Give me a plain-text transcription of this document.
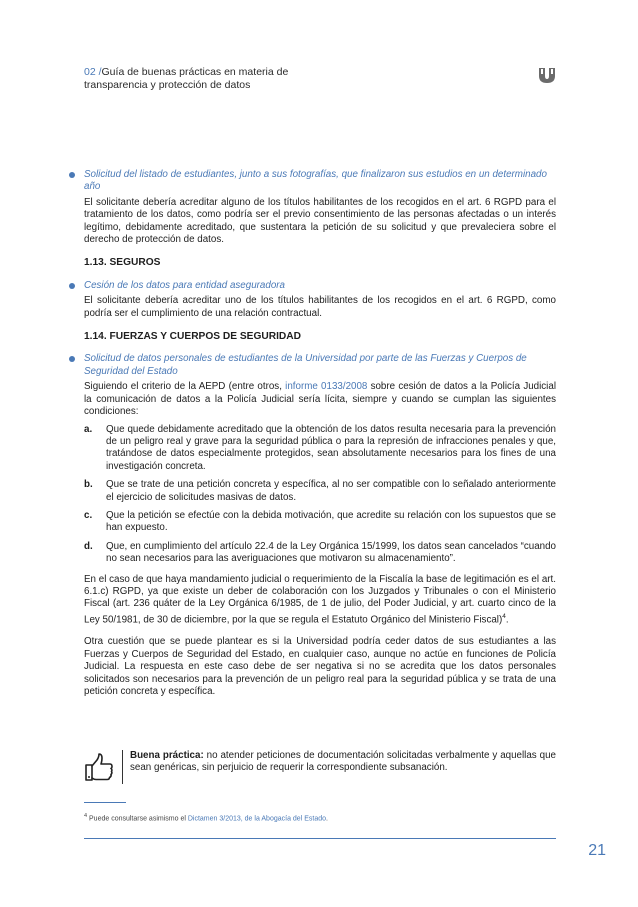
02 /Guía de buenas prácticas en materia de
transparencia y protección de datos
Solicitud del listado de estudiantes, junto a sus fotografías, que finalizaron sus estudios en un determinado año

El solicitante debería acreditar alguno de los títulos habilitantes de los recogidos en el art. 6 RGPD para el tratamiento de los datos, como podría ser el previo consentimiento de las personas afectadas o un interés legítimo, debidamente acreditado, que sustentara la petición de su solicitud y que prevaleciera sobre el derecho de protección de datos.

1.13. SEGUROS
Cesión de los datos para entidad aseguradora

El solicitante debería acreditar uno de los títulos habilitantes de los recogidos en el art. 6 RGPD, como podría ser el cumplimiento de una relación contractual.

1.14. FUERZAS Y CUERPOS DE SEGURIDAD
Solicitud de datos personales de estudiantes de la Universidad por parte de las Fuerzas y Cuerpos de Seguridad del Estado

Siguiendo el criterio de la AEPD (entre otros, informe 0133/2008 sobre cesión de datos a la Policía Judicial la comunicación de datos a la Policía Judicial sería lícita, siempre y cuando se cumplan las siguientes condiciones:

a.	Que quede debidamente acreditado que la obtención de los datos resulta necesaria para la prevención de un peligro real y grave para la seguridad pública o para la represión de infracciones penales y que, tratándose de datos especialmente protegidos, sean absolutamente necesarios para los fines de una investigación concreta.
b.	Que se trate de una petición concreta y específica, al no ser compatible con lo señalado anteriormente el ejercicio de solicitudes masivas de datos.
c.	Que la petición se efectúe con la debida motivación, que acredite su relación con los supuestos que se han expuesto.
d.	Que, en cumplimiento del artículo 22.4 de la Ley Orgánica 15/1999, los datos sean cancelados “cuando no sean necesarios para las averiguaciones que motivaron su almacenamiento”.

En el caso de que haya mandamiento judicial o requerimiento de la Fiscalía la base de legitimación es el art. 6.1.c) RGPD, ya que existe un deber de colaboración con los Juzgados y Tribunales o con el Ministerio Fiscal (art. 236 quáter de la Ley Orgánica 6/1985, de 1 de julio, del Poder Judicial, y art. cuarto cinco de la Ley 50/1981, de 30 de diciembre, por la que se regula el Estatuto Orgánico del Ministerio Fiscal)$^4$.

Otra cuestión que se puede plantear es si la Universidad podría ceder datos de sus estudiantes a las Fuerzas y Cuerpos de Seguridad del Estado, en cualquier caso, aunque no actúe en funciones de Policía Judicial. La respuesta en este caso debe de ser negativa si no se acredita que los datos personales solicitados son necesarios para la prevención de un peligro real para la seguridad pública y se trata de una petición concreta y específica.

Buena práctica: no atender peticiones de documentación solicitadas verbalmente y aquellas que sean genéricas, sin perjuicio de requerir la correspondiente subsanación.
$^4$ Puede consultarse asimismo el Dictamen 3/2013, de la Abogacía del Estado.
21
